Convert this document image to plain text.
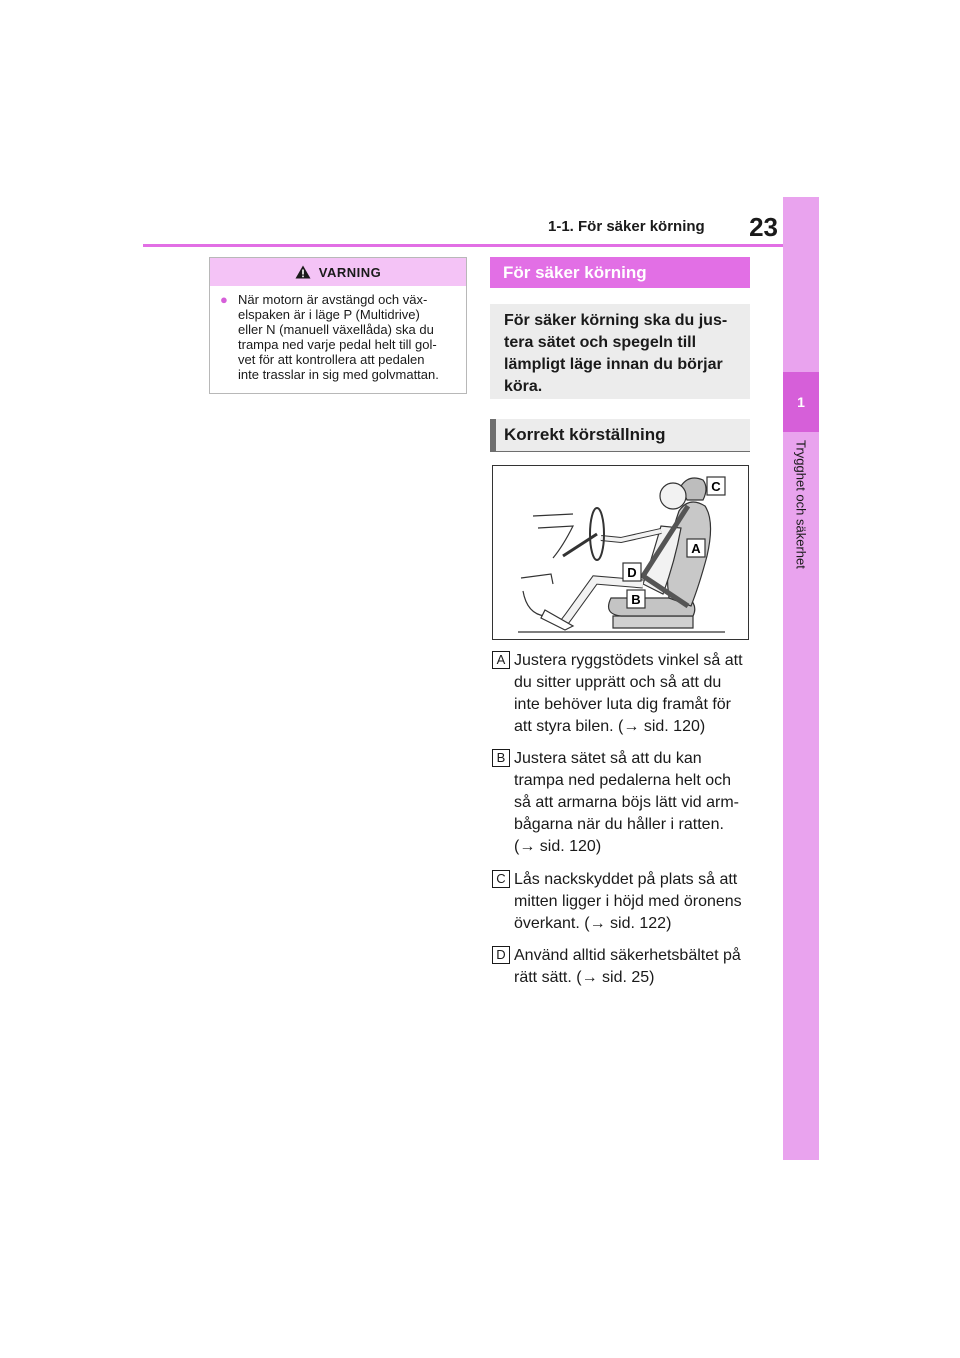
1-1. För säker körning	23
1
Trygghet och säkerhet
VARNING
● När motorn är avstängd och väx-
elspaken är i läge P (Multidrive)
eller N (manuell växellåda) ska du
trampa ned varje pedal helt till gol-
vet för att kontrollera att pedalen
inte trasslar in sig med golvmattan.
För säker körning
För säker körning ska du jus-
tera sätet och spegeln till
lämpligt läge innan du börjar
köra.
Korrekt körställning
C
A
D
B
A Justera ryggstödets vinkel så att
du sitter upprätt och så att du
inte behöver luta dig framåt för
att styra bilen. (→ sid. 120)
B Justera sätet så att du kan
trampa ned pedalerna helt och
så att armarna böjs lätt vid arm-
bågarna när du håller i ratten.
(→ sid. 120)
C Lås nackskyddet på plats så att
mitten ligger i höjd med öronens
överkant. (→ sid. 122)
D Använd alltid säkerhetsbältet på
rätt sätt. (→ sid. 25)
